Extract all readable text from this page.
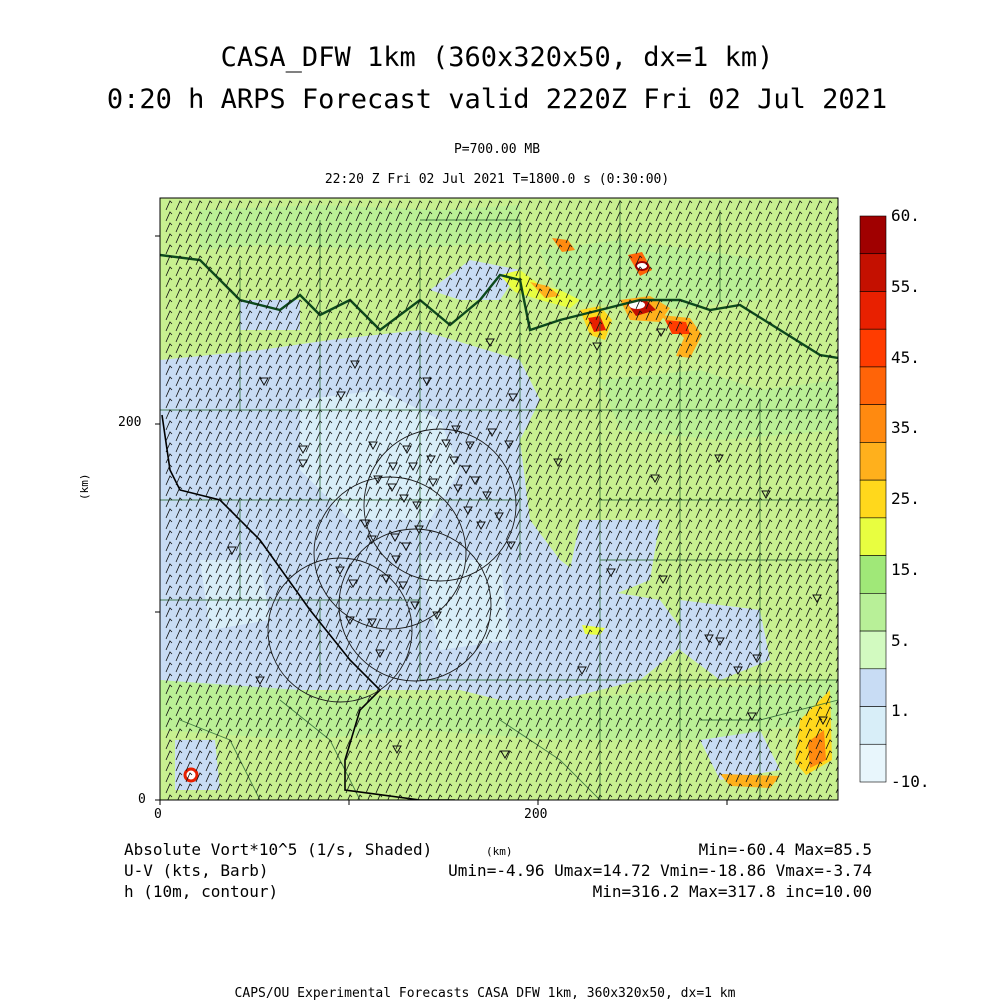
CASA_DFW 1km (360x320x50, dx=1 km)
0:20 h ARPS Forecast valid 2220Z Fri 02 Jul 2021
P=700.00 MB
22:20 Z Fri 02 Jul 2021 T=1800.0 s (0:30:00)
200
0
0	200
(km)
(km)
60.
55.
45.
35.
25.
15.
5.
1.
-10.
Absolute Vort*10^5 (1/s, Shaded)
U-V (kts, Barb)
h (10m, contour)
Min=-60.4 Max=85.5
Umin=-4.96 Umax=14.72 Vmin=-18.86 Vmax=-3.74
Min=316.2 Max=317.8 inc=10.00
CAPS/OU Experimental Forecasts CASA DFW 1km, 360x320x50, dx=1 km
